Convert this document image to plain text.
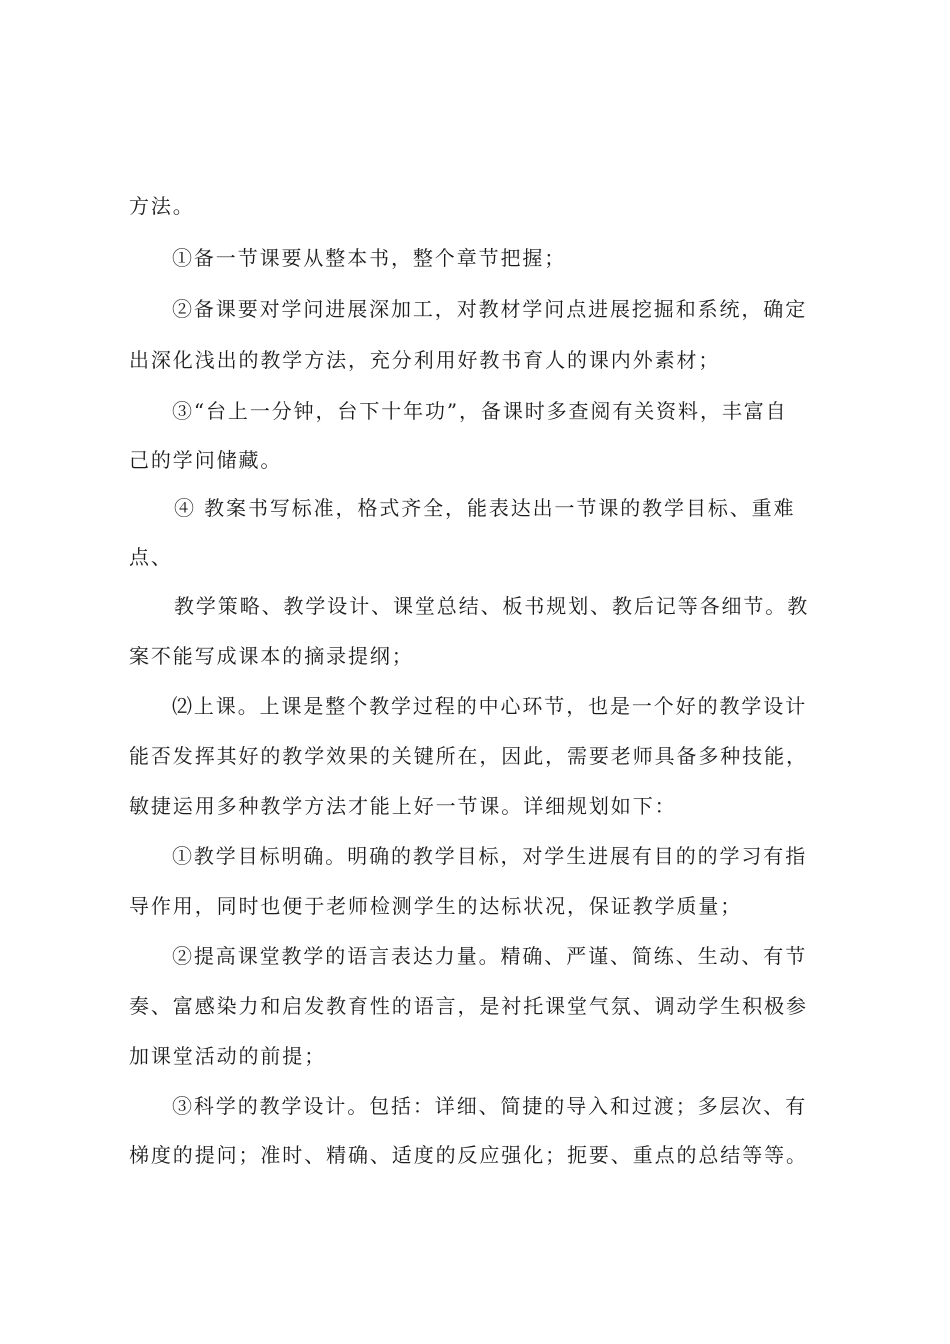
方法。

①备一节课要从整本书，整个章节把握；

②备课要对学问进展深加工，对教材学问点进展挖掘和系统，确定

出深化浅出的教学方法，充分利用好教书育人的课内外素材；

③“台上一分钟，台下十年功”，备课时多查阅有关资料，丰富自

己的学问储藏。

④ 教案书写标准，格式齐全，能表达出一节课的教学目标、重难

点、

教学策略、教学设计、课堂总结、板书规划、教后记等各细节。教

案不能写成课本的摘录提纲；

⑵上课。上课是整个教学过程的中心环节，也是一个好的教学设计

能否发挥其好的教学效果的关键所在，因此，需要老师具备多种技能，

敏捷运用多种教学方法才能上好一节课。详细规划如下：

①教学目标明确。明确的教学目标，对学生进展有目的的学习有指

导作用，同时也便于老师检测学生的达标状况，保证教学质量；

②提高课堂教学的语言表达力量。精确、严谨、简练、生动、有节

奏、富感染力和启发教育性的语言，是衬托课堂气氛、调动学生积极参

加课堂活动的前提；

③科学的教学设计。包括：详细、简捷的导入和过渡；多层次、有

梯度的提问；准时、精确、适度的反应强化；扼要、重点的总结等等。
